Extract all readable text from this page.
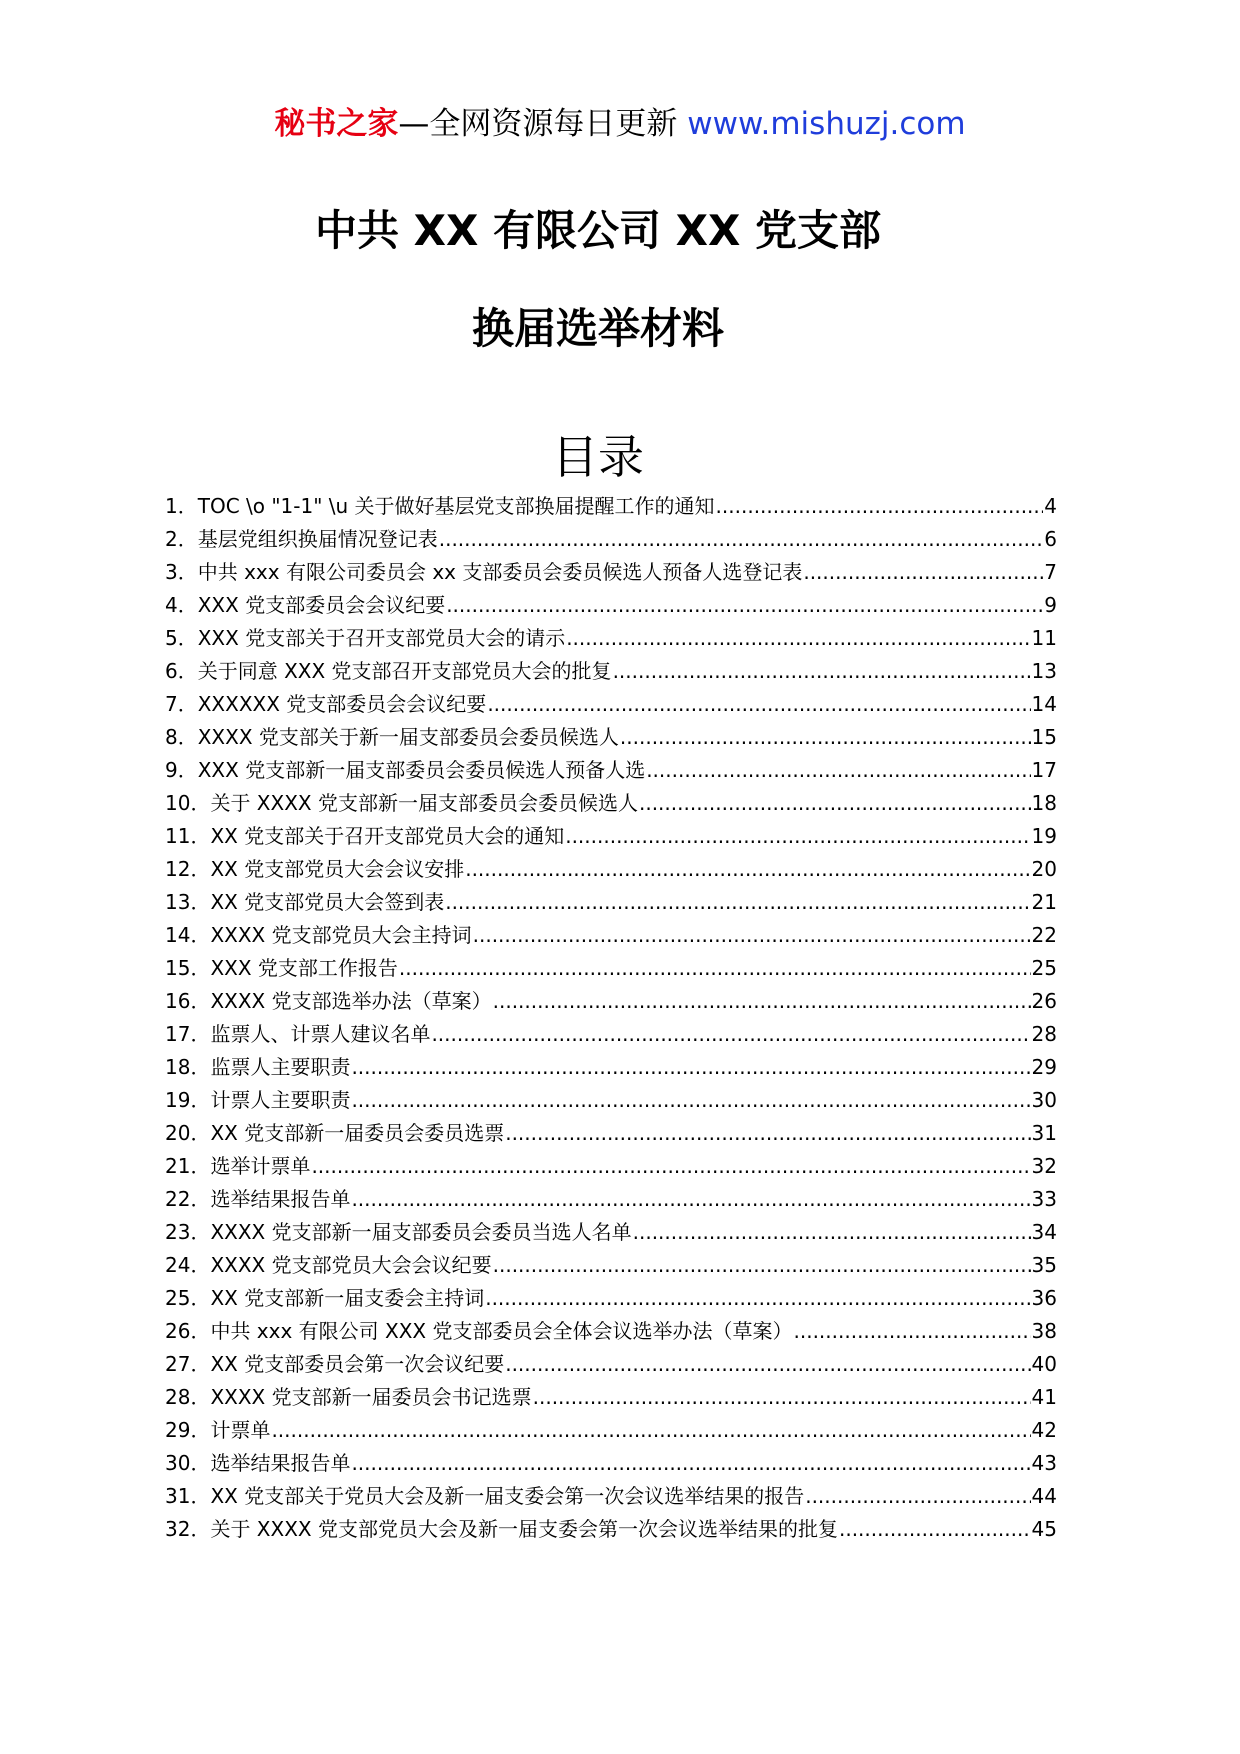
秘书之家—全网资源每日更新 www.mishuzj.com
中共 XX 有限公司 XX 党支部
换届选举材料
目录
1． TOC \o "1-1" \u 关于做好基层党支部换届提醒工作的通知 .....	4
2． 基层党组织换届情况登记表 .....	6
3． 中共 xxx 有限公司委员会 xx 支部委员会委员候选人预备人选登记表 .....	7
4． XXX 党支部委员会会议纪要 .....	9
5． XXX 党支部关于召开支部党员大会的请示 .....	11
6． 关于同意 XXX 党支部召开支部党员大会的批复 .....	13
7． XXXXXX 党支部委员会会议纪要 .....	14
8． XXXX 党支部关于新一届支部委员会委员候选人 .....	15
9． XXX 党支部新一届支部委员会委员候选人预备人选 .....	17
10． 关于 XXXX 党支部新一届支部委员会委员候选人 .....	18
11． XX 党支部关于召开支部党员大会的通知 .....	19
12． XX 党支部党员大会会议安排 .....	20
13． XX 党支部党员大会签到表 .....	21
14． XXXX 党支部党员大会主持词 .....	22
15． XXX 党支部工作报告 .....	25
16． XXXX 党支部选举办法（草案） .....	26
17． 监票人、计票人建议名单 .....	28
18． 监票人主要职责 .....	29
19． 计票人主要职责 .....	30
20． XX 党支部新一届委员会委员选票 .....	31
21． 选举计票单 .....	32
22． 选举结果报告单 .....	33
23． XXXX 党支部新一届支部委员会委员当选人名单 .....	34
24． XXXX 党支部党员大会会议纪要 .....	35
25． XX 党支部新一届支委会主持词 .....	36
26． 中共 xxx 有限公司 XXX 党支部委员会全体会议选举办法（草案） .....	38
27． XX 党支部委员会第一次会议纪要 .....	40
28． XXXX 党支部新一届委员会书记选票 .....	41
29． 计票单 .....	42
30． 选举结果报告单 .....	43
31． XX 党支部关于党员大会及新一届支委会第一次会议选举结果的报告 .....	44
32． 关于 XXXX 党支部党员大会及新一届支委会第一次会议选举结果的批复 .....	45
